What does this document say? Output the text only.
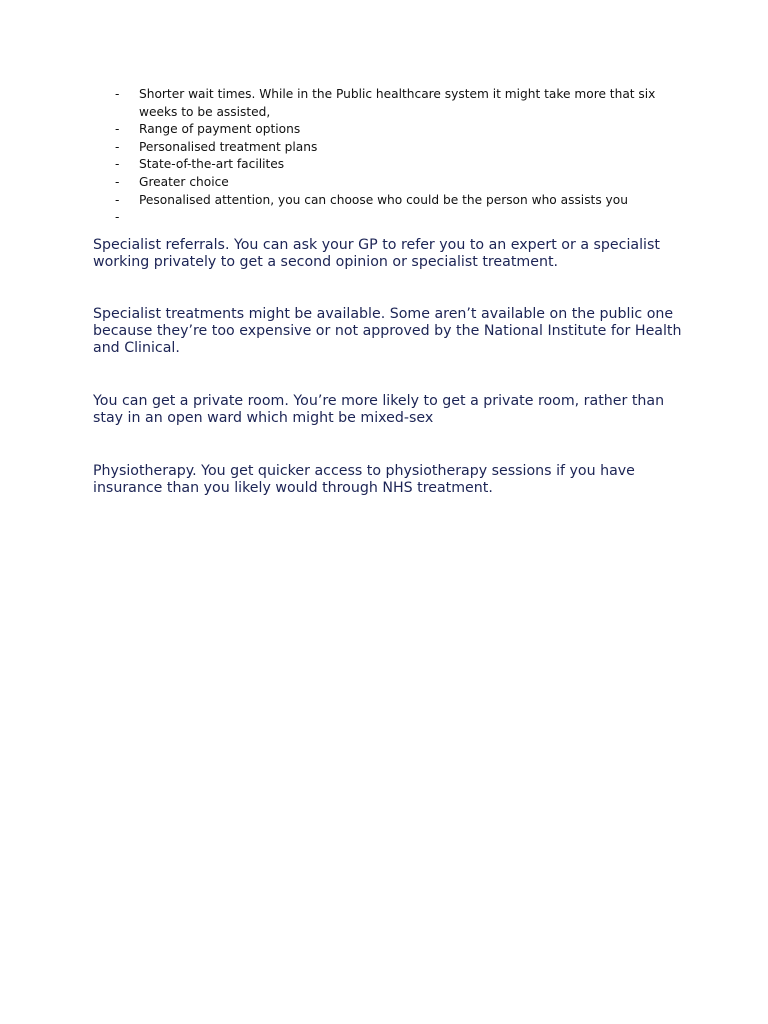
- Shorter wait times. While in the Public healthcare system it might take more that six weeks to be assisted,
- Range of payment options
- Personalised treatment plans
- State-of-the-art facilites
- Greater choice
- Pesonalised attention, you can choose who could be the person who assists you
-

Specialist referrals. You can ask your GP to refer you to an expert or a specialist working privately to get a second opinion or specialist treatment.

Specialist treatments might be available. Some aren’t available on the public one because they’re too expensive or not approved by the National Institute for Health and Clinical.

You can get a private room. You’re more likely to get a private room, rather than stay in an open ward which might be mixed-sex

Physiotherapy. You get quicker access to physiotherapy sessions if you have insurance than you likely would through NHS treatment.
